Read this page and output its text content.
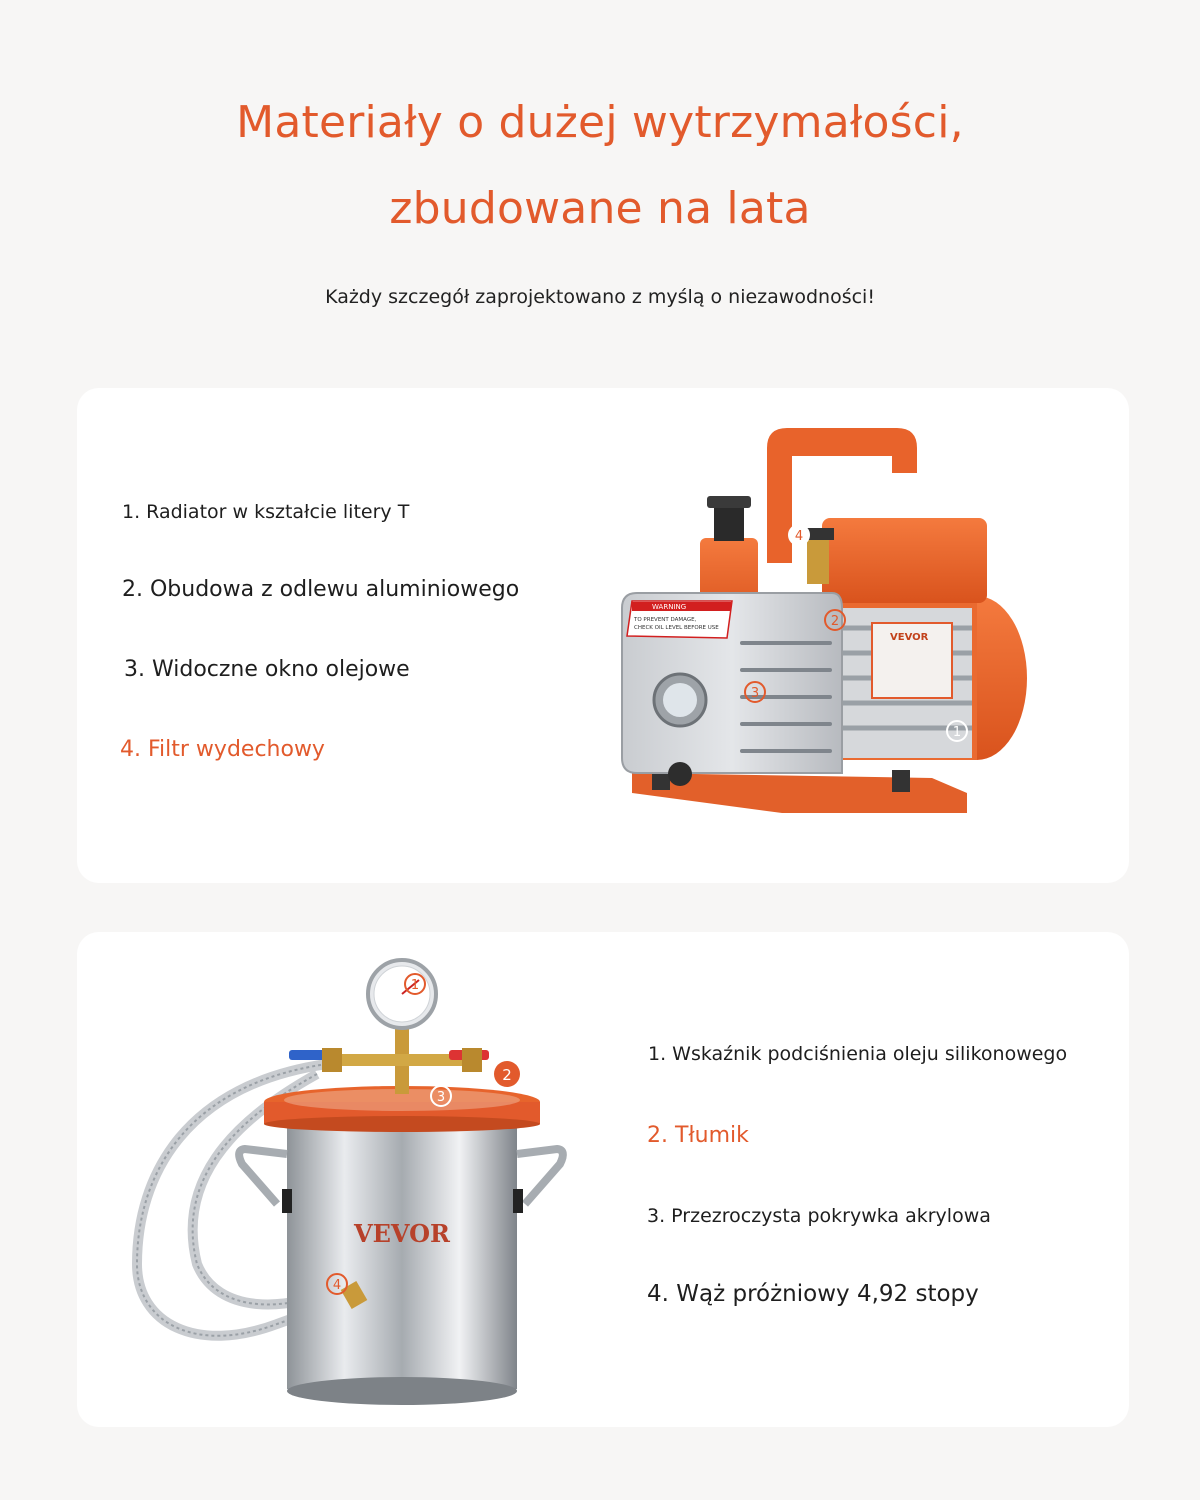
Materiały o dużej wytrzymałości,
zbudowane na lata
Każdy szczegół zaprojektowano z myślą o niezawodności!
1. Radiator w kształcie litery T
2. Obudowa z odlewu aluminiowego
3. Widoczne okno olejowe
4. Filtr wydechowy
VEVOR
WARNING
TO PREVENT DAMAGE,
CHECK OIL LEVEL BEFORE USE
1
2
3
4
VEVOR
1
2
3
4
1. Wskaźnik podciśnienia oleju silikonowego
2. Tłumik
3. Przezroczysta pokrywka akrylowa
4. Wąż próżniowy 4,92 stopy
